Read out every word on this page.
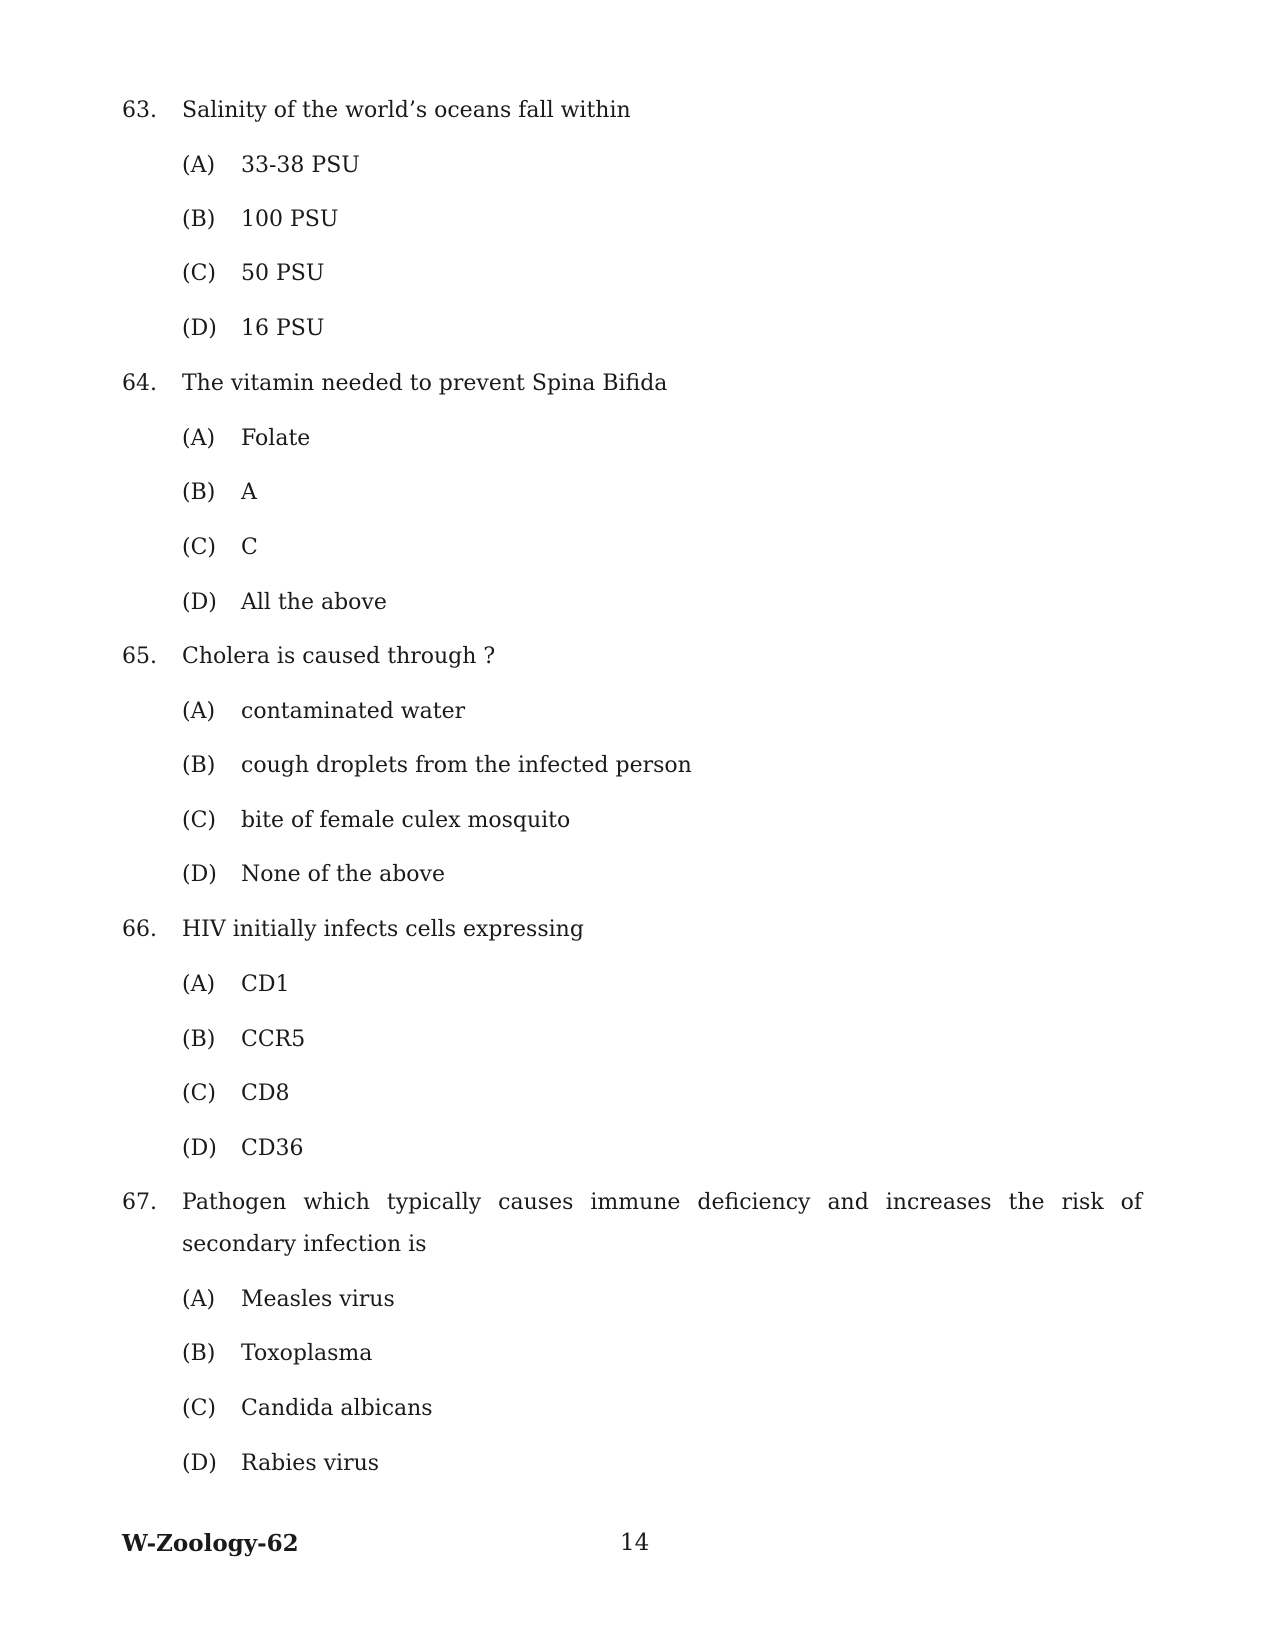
63. Salinity of the world’s oceans fall within
(A) 33-38 PSU
(B) 100 PSU
(C) 50 PSU
(D) 16 PSU
64. The vitamin needed to prevent Spina Bifida
(A) Folate
(B) A
(C) C
(D) All the above
65. Cholera is caused through ?
(A) contaminated water
(B) cough droplets from the infected person
(C) bite of female culex mosquito
(D) None of the above
66. HIV initially infects cells expressing
(A) CD1
(B) CCR5
(C) CD8
(D) CD36
67. Pathogen which typically causes immune deficiency and increases the risk of secondary infection is
(A) Measles virus
(B) Toxoplasma
(C) Candida albicans
(D) Rabies virus
W-Zoology-62	14
